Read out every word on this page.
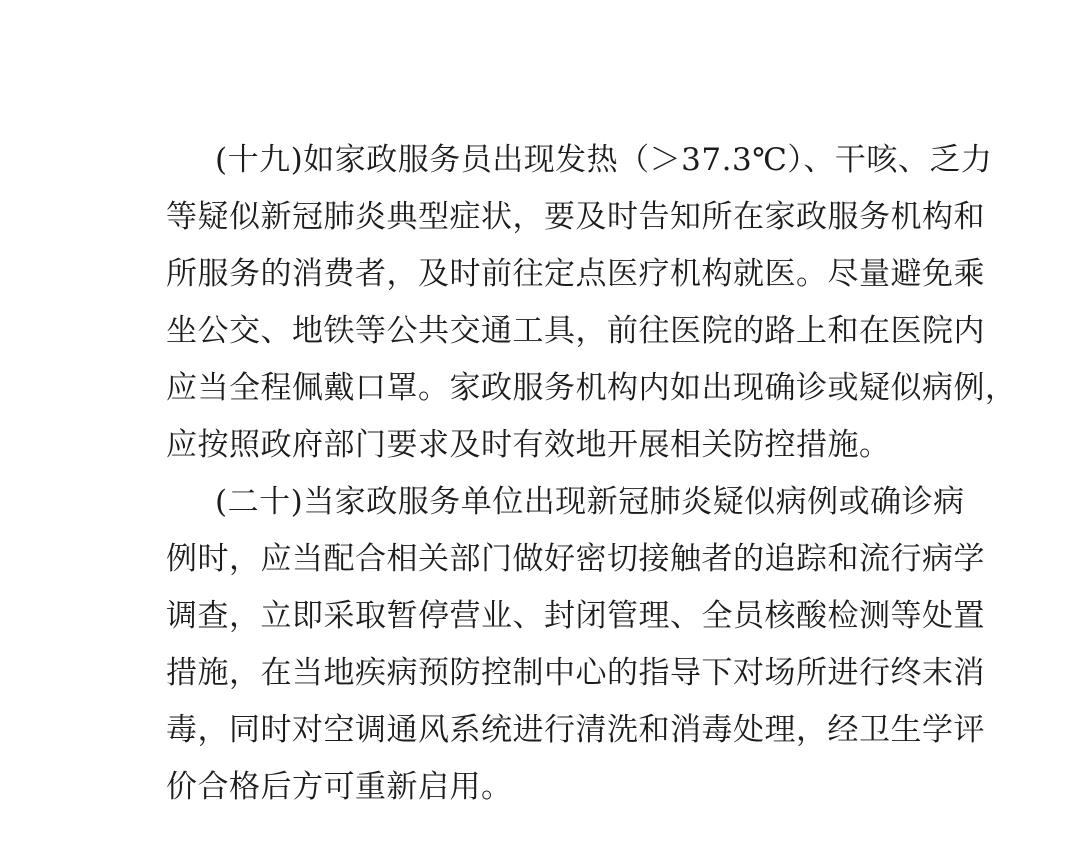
(十九)如家政服务员出现发热（＞37.3℃）、干咳、乏力
等疑似新冠肺炎典型症状，要及时告知所在家政服务机构和
所服务的消费者，及时前往定点医疗机构就医。尽量避免乘
坐公交、地铁等公共交通工具，前往医院的路上和在医院内
应当全程佩戴口罩。家政服务机构内如出现确诊或疑似病例，
应按照政府部门要求及时有效地开展相关防控措施。
(二十)当家政服务单位出现新冠肺炎疑似病例或确诊病
例时，应当配合相关部门做好密切接触者的追踪和流行病学
调查，立即采取暂停营业、封闭管理、全员核酸检测等处置
措施，在当地疾病预防控制中心的指导下对场所进行终末消
毒，同时对空调通风系统进行清洗和消毒处理，经卫生学评
价合格后方可重新启用。
